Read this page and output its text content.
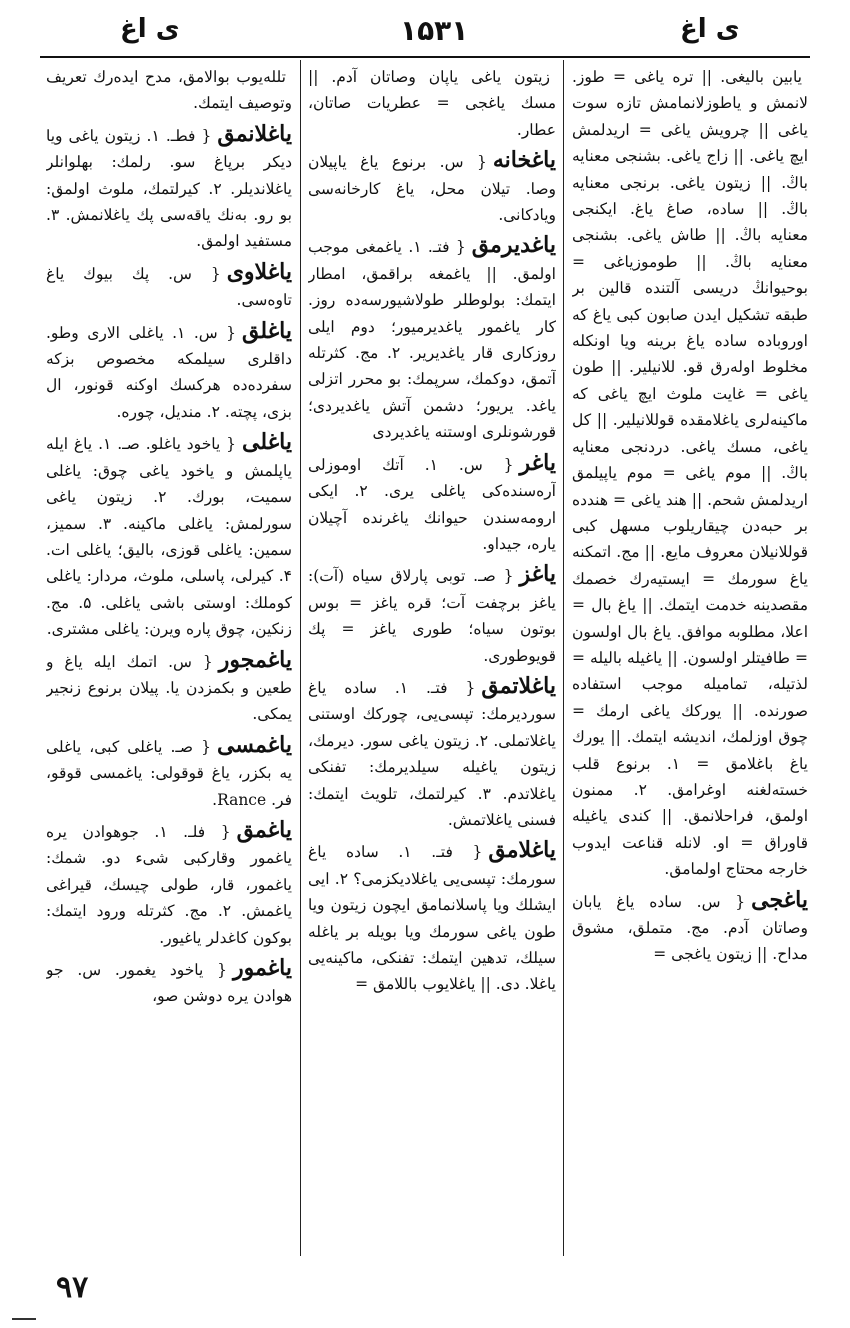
ی اغ	۱۵۳۱	ی اغ

یابین بالیغی. || تره یاغی = طوز. لانمش و یاطوزلانمامش تازه سوت یاغی || چرویش یاغی = اریدلمش ایچ یاغی. || زاج یاغی. بشنجی معنایه باڭ. || زیتون یاغی. برنجی معنایه باڭ. || ساده، صاغ یاغ. ایکنجی معنایه باڭ. || طاش یاغی. بشنجی معنایه باڭ. || طوموزیاغی = بوحیوانڭ دریسی آلتنده قالین بر طبقه تشکیل ایدن صابون کبی یاغ که اوروباده ساده یاغ برینه ویا اونکله مخلوط اوله‌رق قو. للانیلیر. || طون یاغی = غایت ملوث ایچ یاغی که ماکینه‌لری یاغلامقده قوللانیلیر. || کل یاغی، مسك یاغی. دردنجی معنایه باڭ. || موم یاغی = موم یاپیلمق اریدلمش شحم. || هند یاغی = هندده بر حبه‌دن چیقاریلوب مسهل کبی قوللانیلان معروف مایع. || مج. اتمکنه یاغ سورمك = ایستیه‌رك خصمك مقصدینه خدمت ایتمك. || یاغ بال = اعلا، مطلوبه موافق. یاغ بال اولسون = طافیتلر اولسون. || یاغیله بالیله = لذتیله، تماميله موجب استفاده صورنده. || یوركك یاغی ارمك = چوق اوزلمك، اندیشه ایتمك. || یورك یاغ باغلامق = ۱. برنوع قلب خسته‌لغنه اوغرامق. ۲. ممنون اولمق، فراحلانمق. || کندی یاغیله قاوراق = او. لانله قناعت ایدوب خارجه محتاج اولمامق.

یاغجی{ س. ساده یاغ یابان وصاتان آدم. مج. متملق، مشوق مداح. || زیتون یاغجی =

زیتون یاغی یاپان وصاتان آدم. || مسك یاغجی = عطریات صاتان، عطار.

یاغخانه{ س. برنوع یاغ یاپیلان وصا. تیلان محل، یاغ کارخانه‌سی ویادکانی.

یاغدیرمق{ فتـ. ۱. یاغمغی موجب اولمق. || یاغمغه براقمق، امطار ایتمك: بولوطلر طولاشیورسه‌ده روز. کار یاغمور یاغدیرمیور؛ دوم ایلی روزکاری قار یاغدیریر. ۲. مج. کثرتله آتمق، دوکمك، سرپمك: بو محرر اتزلی یاغد. یریور؛ دشمن آتش یاغدیردی؛ قورشونلری اوستنه یاغدیردی

یاغر{ س. ۱. آتك اوموزلی آره‌سنده‌کی یاغلی یری. ۲. ایکی ارومه‌سندن حیوانك یاغرنده آچیلان یاره، جیداو.

یاغز{ صـ. توبی پارلاق سیاه (آت): یاغز برچفت آت؛ قره یاغز = بوس بوتون سیاه؛ طوری یاغز = پك قویوطوری.

یاغلاتمق{ فتـ. ۱. ساده یاغ سوردیرمك: تپسی‌یی، چورکك اوستنی یاغلاتملی. ۲. زیتون یاغی سور. دیرمك، زیتون یاغیله سیلدیرمك: تفنکی یاغلاتدم. ۳. کیرلتمك، تلویث ایتمك: فسنی یاغلاتمش.

یاغلامق{ فتـ. ۱. ساده یاغ سورمك: تپسی‌یی یاغلادیکزمی؟ ۲. ایی ایشلك ویا پاسلانمامق ایچون زیتون ویا طون یاغی سورمك ویا بویله بر یاغله سیلك، تدهین ایتمك: تفنکی، ماکینه‌یی یاغلا. دی. || یاغلایوب باللامق =

تللەیوب بوالامق، مدح ایدەرك تعریف وتوصیف ایتمك.

یاغلانمق{ فطـ. ۱. زیتون یاغی ویا دیکر برپاغ سو. رلمك: بهلوانلر یاغلاندیلر. ۲. کیرلتمك، ملوث اولمق: بو رو. به‌نك یاقه‌سی پك یاغلانمش. ۳. مستفید اولمق.

یاغلاوی{ س. پك بیوك یاغ تاوه‌سی.

یاغلق{ س. ۱. یاغلی الاری وطو. داقلری سیلمکه مخصوص بزکه سفرده‌ده هرکسك اوکنه قونور، ال بزی، پچته. ۲. مندیل، چوره.

یاغلی{ یاخود یاغلو. صـ. ۱. یاغ ایله یاپلمش و یاخود یاغی چوق: یاغلی سمیت، بورك. ۲. زیتون یاغی سورلمش: یاغلی ماکینه. ۳. سمیز، سمین: یاغلی قوزی، بالیق؛ یاغلی ات. ۴. کیرلی، پاسلی، ملوث، مردار: یاغلی کوملك: اوستی باشی یاغلی. ۵. مج. زنکین، چوق پاره ویرن: یاغلی مشتری.

یاغمجور{ س. اتمك ایله یاغ و طعین و بکمزدن یا. پیلان برنوع زنجیر یمکی.

یاغمسی{ صـ. یاغلی کبی، یاغلی یه بکزر، یاغ قوقولی: یاغمسی قوقو، فر. Rance.

یاغمق{ فلـ. ۱. جوهوادن یره یاغمور وقارکبی شیء دو. شمك: یاغمور، قار، طولی چیسك، قیراغی یاغمش. ۲. مج. کثرتله ورود ایتمك: بوکون کاغدلر یاغیور.

یاغمور{ یاخود یغمور. س. جو هوادن یره دوشن صو،

۹۷
